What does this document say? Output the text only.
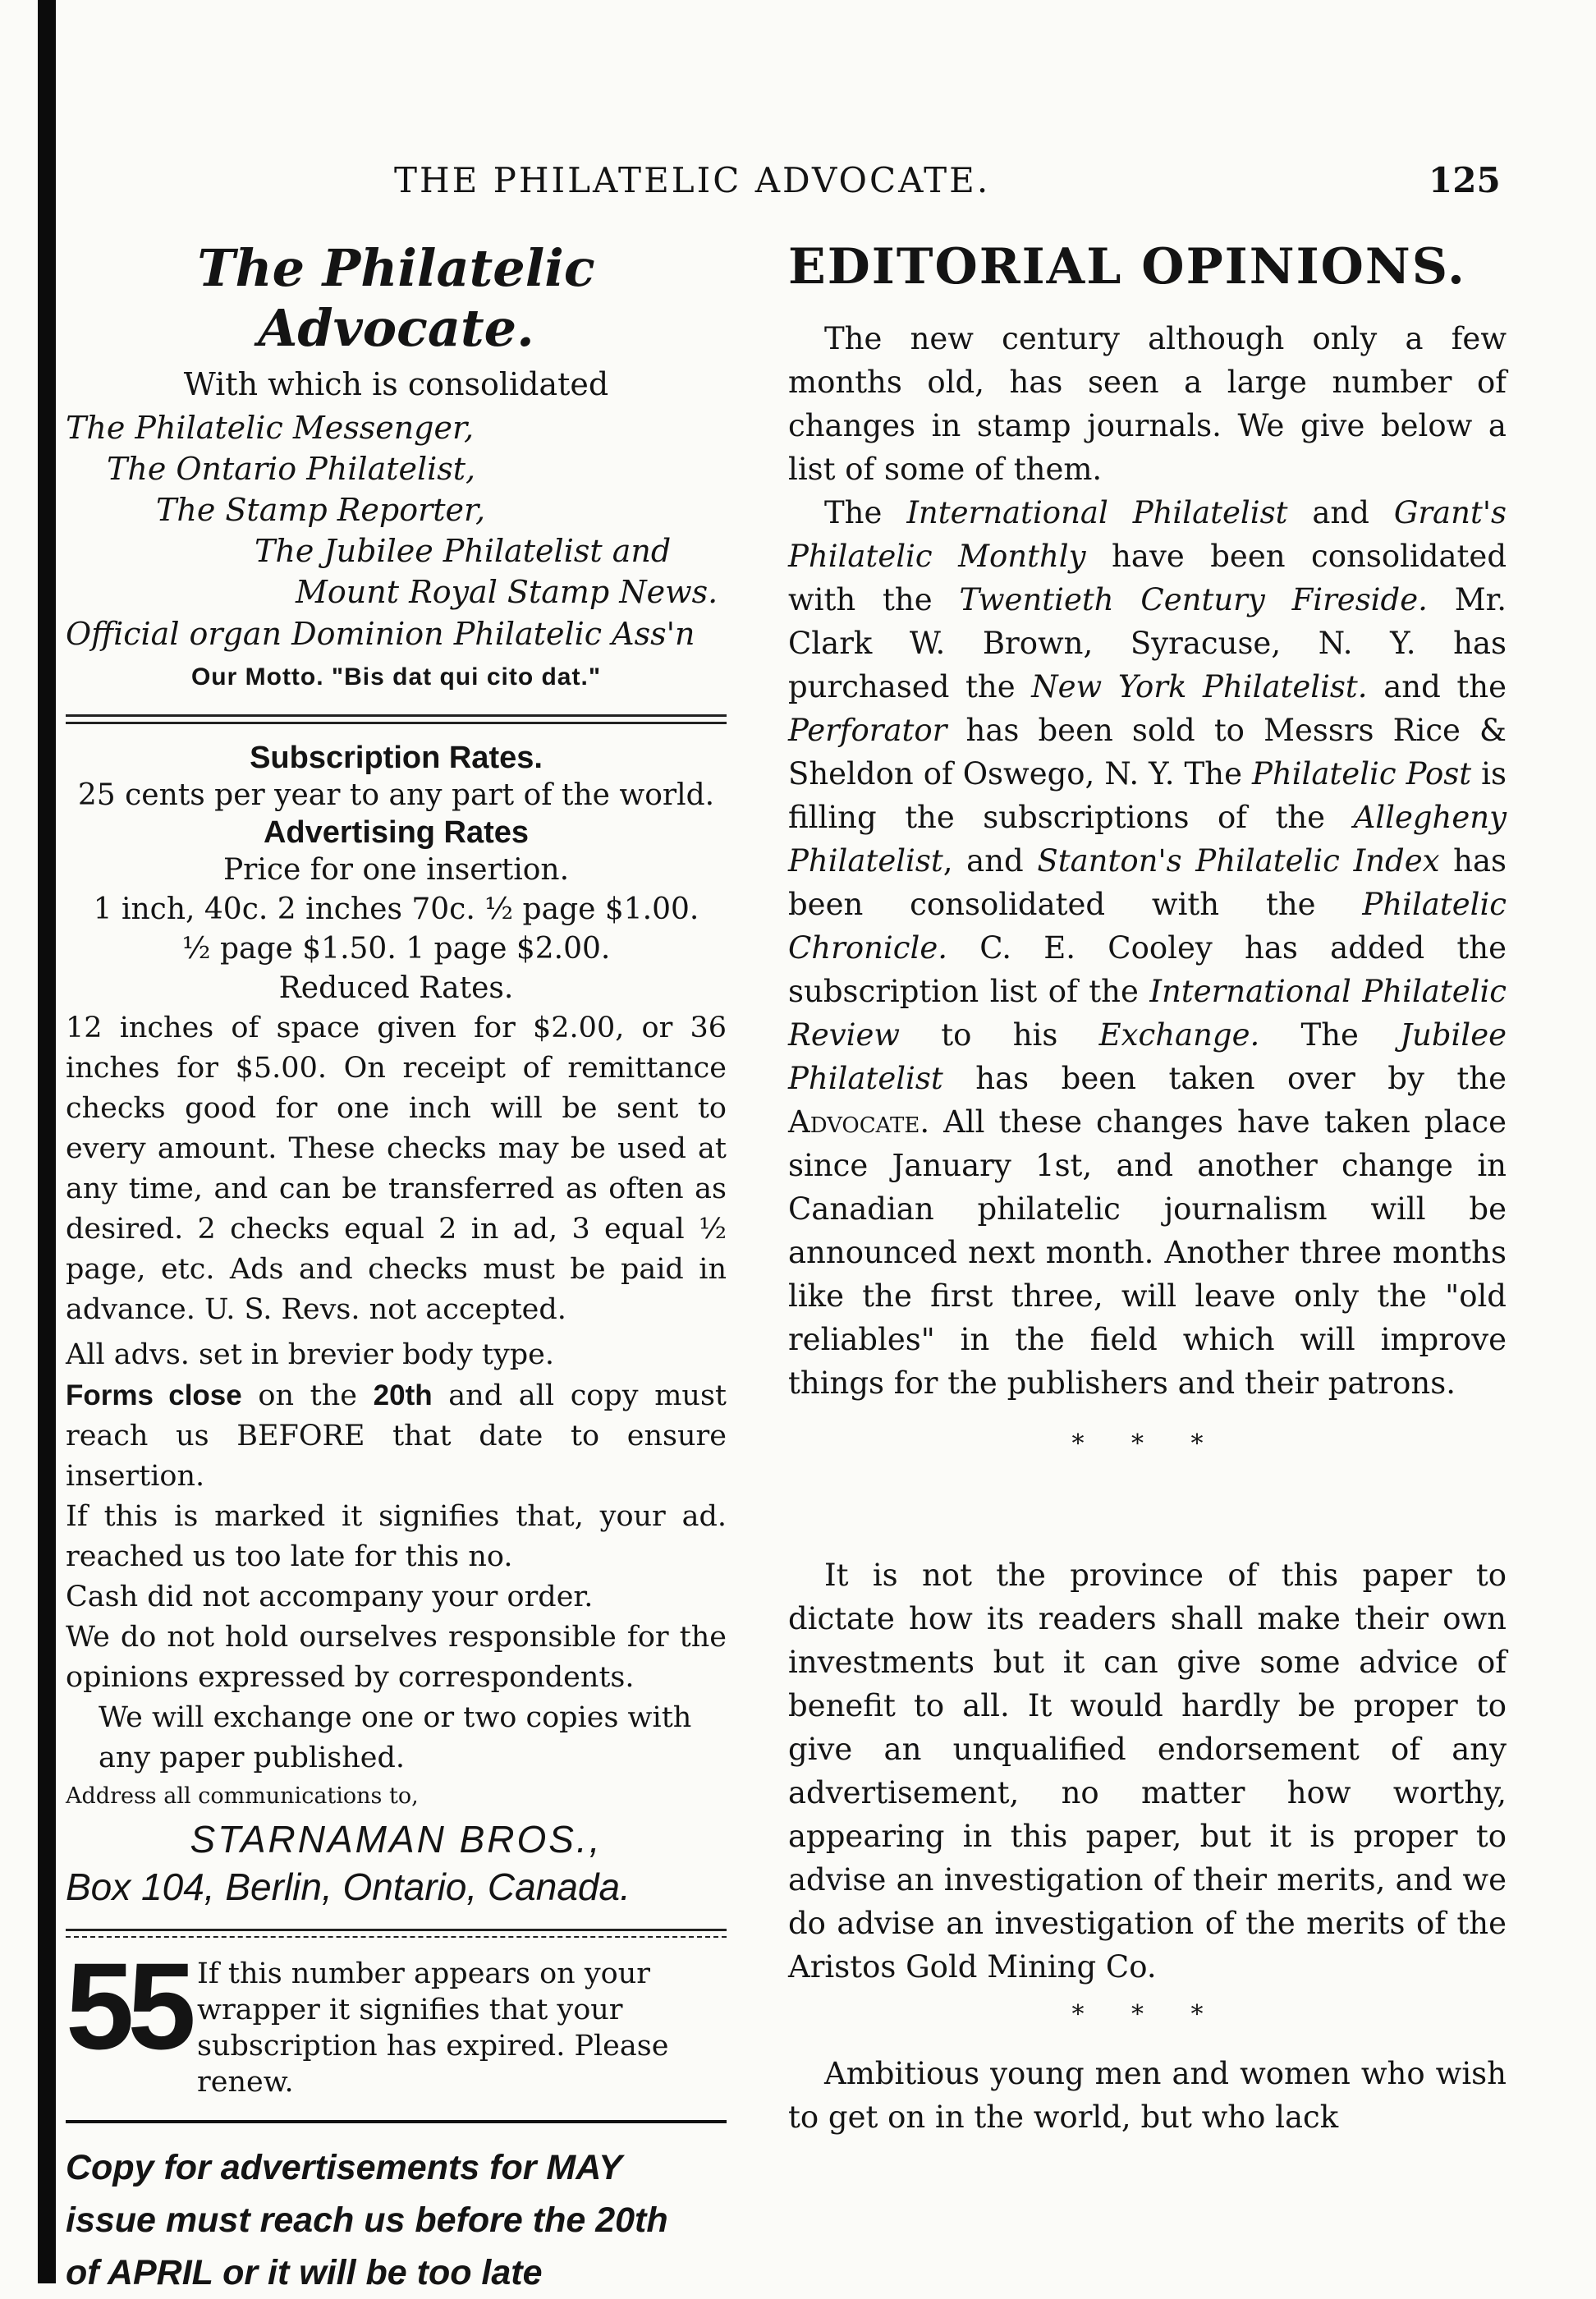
THE PHILATELIC ADVOCATE.	125
The Philatelic Advocate.
With which is consolidated
The Philatelic Messenger,
The Ontario Philatelist,
The Stamp Reporter,
The Jubilee Philatelist and
Mount Royal Stamp News.
Official organ Dominion Philatelic Ass'n
Our Motto. "Bis dat qui cito dat."
Subscription Rates.
25 cents per year to any part of the world.
Advertising Rates
Price for one insertion.
1 inch, 40c. 2 inches 70c. ½ page $1.00.
½ page $1.50. 1 page $2.00.
Reduced Rates.

12 inches of space given for $2.00, or 36 inches for $5.00. On receipt of remittance checks good for one inch will be sent to every amount. These checks may be used at any time, and can be transferred as often as desired. 2 checks equal 2 in ad, 3 equal ½ page, etc. Ads and checks must be paid in advance. U. S. Revs. not accepted.

All advs. set in brevier body type.

Forms close on the 20th and all copy must reach us BEFORE that date to ensure insertion.

If this is marked it signifies that, your ad. reached us too late for this no.

Cash did not accompany your order.

We do not hold ourselves responsible for the opinions expressed by correspondents.

We will exchange one or two copies with any paper published.

Address all communications to,
STARNAMAN BROS.,
Box 104, Berlin, Ontario, Canada.
55 If this number appears on your wrapper it signifies that your subscription has expired. Please renew.

Copy for advertisements for MAY

issue must reach us before the 20th

of APRIL or it will be too late

EDITORIAL OPINIONS.

The new century although only a few months old, has seen a large number of changes in stamp journals. We give below a list of some of them.

The International Philatelist and Grant's Philatelic Monthly have been consolidated with the Twentieth Century Fireside. Mr. Clark W. Brown, Syracuse, N. Y. has purchased the New York Philatelist. and the Perforator has been sold to Messrs Rice & Sheldon of Oswego, N. Y. The Philatelic Post is filling the subscriptions of the Allegheny Philatelist, and Stanton's Philatelic Index has been consolidated with the Philatelic Chronicle. C. E. Cooley has added the subscription list of the International Philatelic Review to his Exchange. The Jubilee Philatelist has been taken over by the Advocate. All these changes have taken place since January 1st, and another change in Canadian philatelic journalism will be announced next month. Another three months like the first three, will leave only the "old reliables" in the field which will improve things for the publishers and their patrons.

* * *

It is not the province of this paper to dictate how its readers shall make their own investments but it can give some advice of benefit to all. It would hardly be proper to give an unqualified endorsement of any advertisement, no matter how worthy, appearing in this paper, but it is proper to advise an investigation of their merits, and we do advise an investigation of the merits of the Aristos Gold Mining Co.

* * *

Ambitious young men and women who wish to get on in the world, but who lack
